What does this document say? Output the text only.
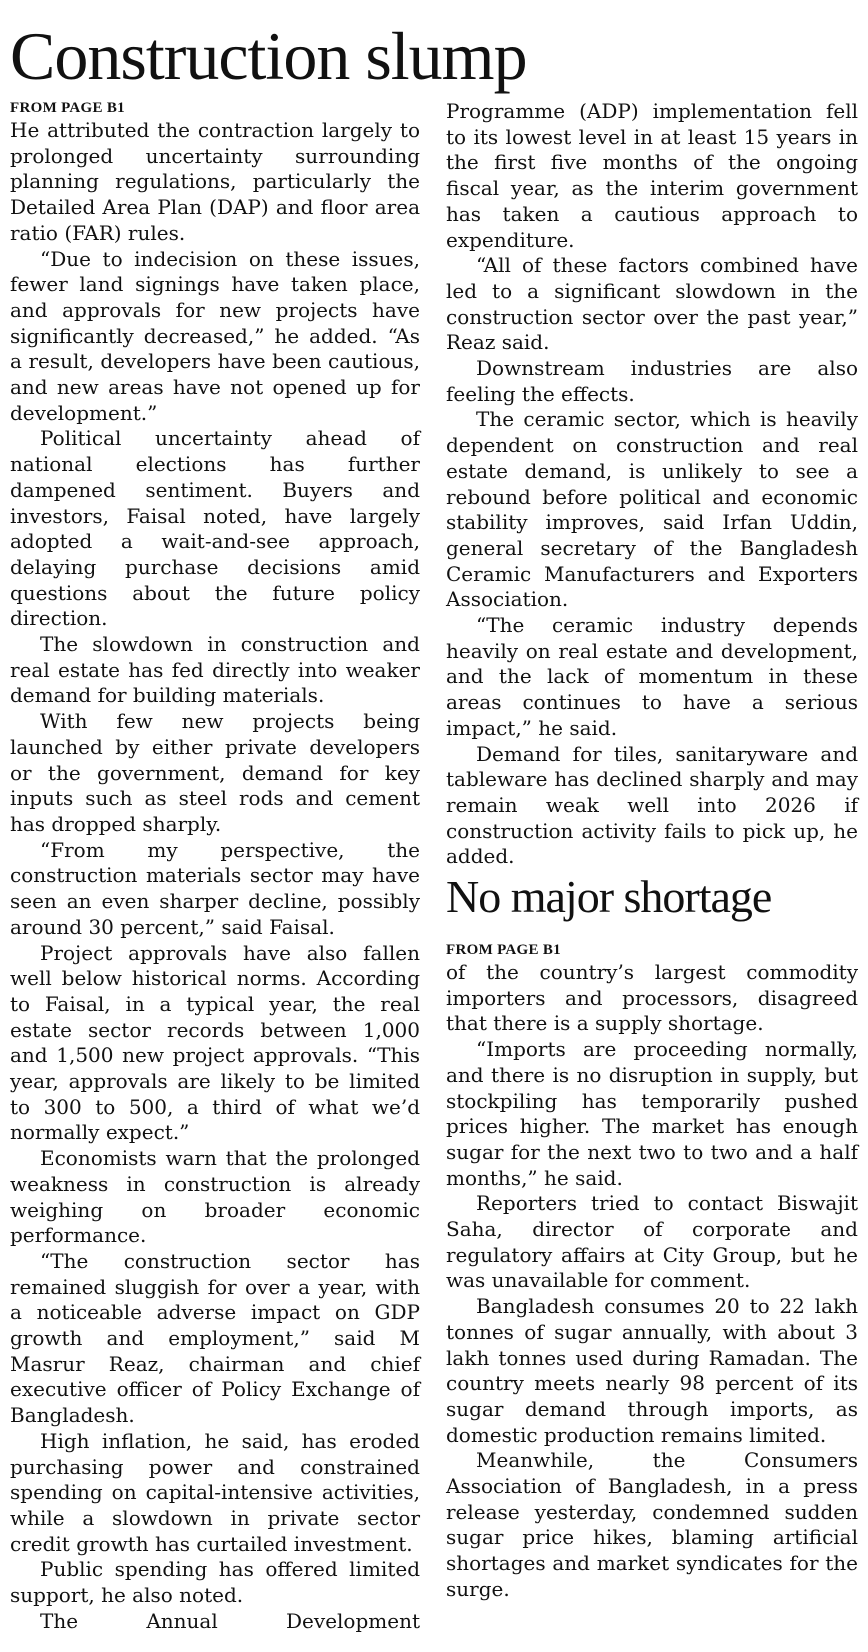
Construction slump
FROM PAGE B1

He attributed the contraction largely to prolonged uncertainty surrounding planning regulations, particularly the Detailed Area Plan (DAP) and floor area ratio (FAR) rules.

“Due to indecision on these issues, fewer land signings have taken place, and approvals for new projects have significantly decreased,” he added. “As a result, developers have been cautious, and new areas have not opened up for development.”

Political uncertainty ahead of national elections has further dampened sentiment. Buyers and investors, Faisal noted, have largely adopted a wait-and-see approach, delaying purchase decisions amid questions about the future policy direction.

The slowdown in construction and real estate has fed directly into weaker demand for building materials.

With few new projects being launched by either private developers or the government, demand for key inputs such as steel rods and cement has dropped sharply.

“From my perspective, the construction materials sector may have seen an even sharper decline, possibly around 30 percent,” said Faisal.

Project approvals have also fallen well below historical norms. According to Faisal, in a typical year, the real estate sector records between 1,000 and 1,500 new project approvals. “This year, approvals are likely to be limited to 300 to 500, a third of what we’d normally expect.”

Economists warn that the prolonged weakness in construction is already weighing on broader economic performance.

“The construction sector has remained sluggish for over a year, with a noticeable adverse impact on GDP growth and employment,” said M Masrur Reaz, chairman and chief executive officer of Policy Exchange of Bangladesh.

High inflation, he said, has eroded purchasing power and constrained spending on capital-intensive activities, while a slowdown in private sector credit growth has curtailed investment.

Public spending has offered limited support, he also noted.

The Annual Development

Programme (ADP) implementation fell to its lowest level in at least 15 years in the first five months of the ongoing fiscal year, as the interim government has taken a cautious approach to expenditure.

“All of these factors combined have led to a significant slowdown in the construction sector over the past year,” Reaz said.

Downstream industries are also feeling the effects.

The ceramic sector, which is heavily dependent on construction and real estate demand, is unlikely to see a rebound before political and economic stability improves, said Irfan Uddin, general secretary of the Bangladesh Ceramic Manufacturers and Exporters Association.

“The ceramic industry depends heavily on real estate and development, and the lack of momentum in these areas continues to have a serious impact,” he said.

Demand for tiles, sanitaryware and tableware has declined sharply and may remain weak well into 2026 if construction activity fails to pick up, he added.

No major shortage
FROM PAGE B1

of the country’s largest commodity importers and processors, disagreed that there is a supply shortage.

“Imports are proceeding normally, and there is no disruption in supply, but stockpiling has temporarily pushed prices higher. The market has enough sugar for the next two to two and a half months,” he said.

Reporters tried to contact Biswajit Saha, director of corporate and regulatory affairs at City Group, but he was unavailable for comment.

Bangladesh consumes 20 to 22 lakh tonnes of sugar annually, with about 3 lakh tonnes used during Ramadan. The country meets nearly 98 percent of its sugar demand through imports, as domestic production remains limited.

Meanwhile, the Consumers Association of Bangladesh, in a press release yesterday, condemned sudden sugar price hikes, blaming artificial shortages and market syndicates for the surge.
